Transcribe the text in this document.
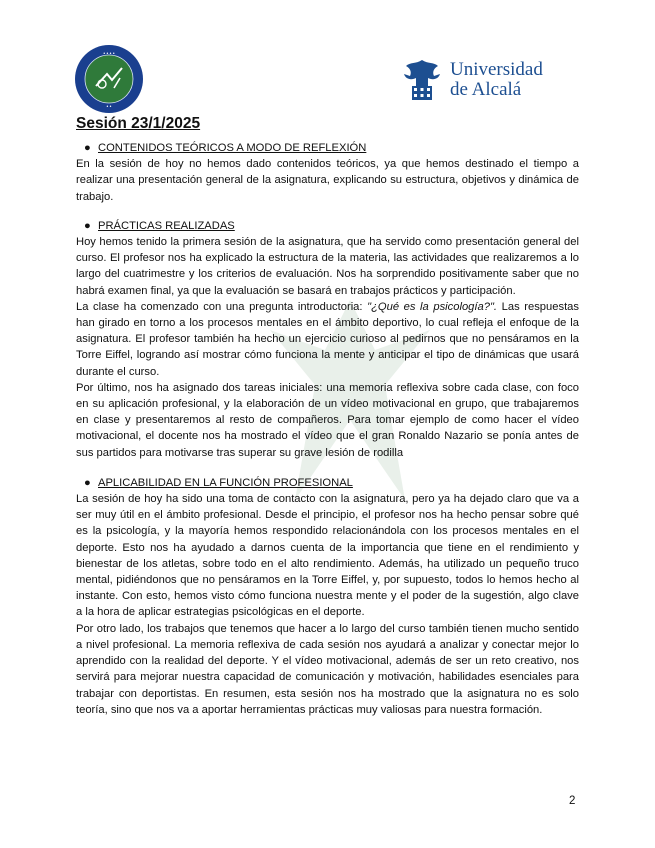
• • • •
• •
Universidad
de Alcalá
Sesión 23/1/2025
● CONTENIDOS TEÓRICOS A MODO DE REFLEXIÓN

En la sesión de hoy no hemos dado contenidos teóricos, ya que hemos destinado el tiempo a realizar una presentación general de la asignatura, explicando su estructura, objetivos y dinámica de trabajo.

● PRÁCTICAS REALIZADAS

Hoy hemos tenido la primera sesión de la asignatura, que ha servido como presentación general del curso. El profesor nos ha explicado la estructura de la materia, las actividades que realizaremos a lo largo del cuatrimestre y los criterios de evaluación. Nos ha sorprendido positivamente saber que no habrá examen final, ya que la evaluación se basará en trabajos prácticos y participación.

La clase ha comenzado con una pregunta introductoria: "¿Qué es la psicología?". Las respuestas han girado en torno a los procesos mentales en el ámbito deportivo, lo cual refleja el enfoque de la asignatura. El profesor también ha hecho un ejercicio curioso al pedirnos que no pensáramos en la Torre Eiffel, logrando así mostrar cómo funciona la mente y anticipar el tipo de dinámicas que usará durante el curso.

Por último, nos ha asignado dos tareas iniciales: una memoria reflexiva sobre cada clase, con foco en su aplicación profesional, y la elaboración de un vídeo motivacional en grupo, que trabajaremos en clase y presentaremos al resto de compañeros. Para tomar ejemplo de como hacer el vídeo motivacional, el docente nos ha mostrado el vídeo que el gran Ronaldo Nazario se ponía antes de sus partidos para motivarse tras superar su grave lesión de rodilla

● APLICABILIDAD EN LA FUNCIÓN PROFESIONAL

La sesión de hoy ha sido una toma de contacto con la asignatura, pero ya ha dejado claro que va a ser muy útil en el ámbito profesional. Desde el principio, el profesor nos ha hecho pensar sobre qué es la psicología, y la mayoría hemos respondido relacionándola con los procesos mentales en el deporte. Esto nos ha ayudado a darnos cuenta de la importancia que tiene en el rendimiento y bienestar de los atletas, sobre todo en el alto rendimiento. Además, ha utilizado un pequeño truco mental, pidiéndonos que no pensáramos en la Torre Eiffel, y, por supuesto, todos lo hemos hecho al instante. Con esto, hemos visto cómo funciona nuestra mente y el poder de la sugestión, algo clave a la hora de aplicar estrategias psicológicas en el deporte.

Por otro lado, los trabajos que tenemos que hacer a lo largo del curso también tienen mucho sentido a nivel profesional. La memoria reflexiva de cada sesión nos ayudará a analizar y conectar mejor lo aprendido con la realidad del deporte. Y el vídeo motivacional, además de ser un reto creativo, nos servirá para mejorar nuestra capacidad de comunicación y motivación, habilidades esenciales para trabajar con deportistas. En resumen, esta sesión nos ha mostrado que la asignatura no es solo teoría, sino que nos va a aportar herramientas prácticas muy valiosas para nuestra formación.

2
